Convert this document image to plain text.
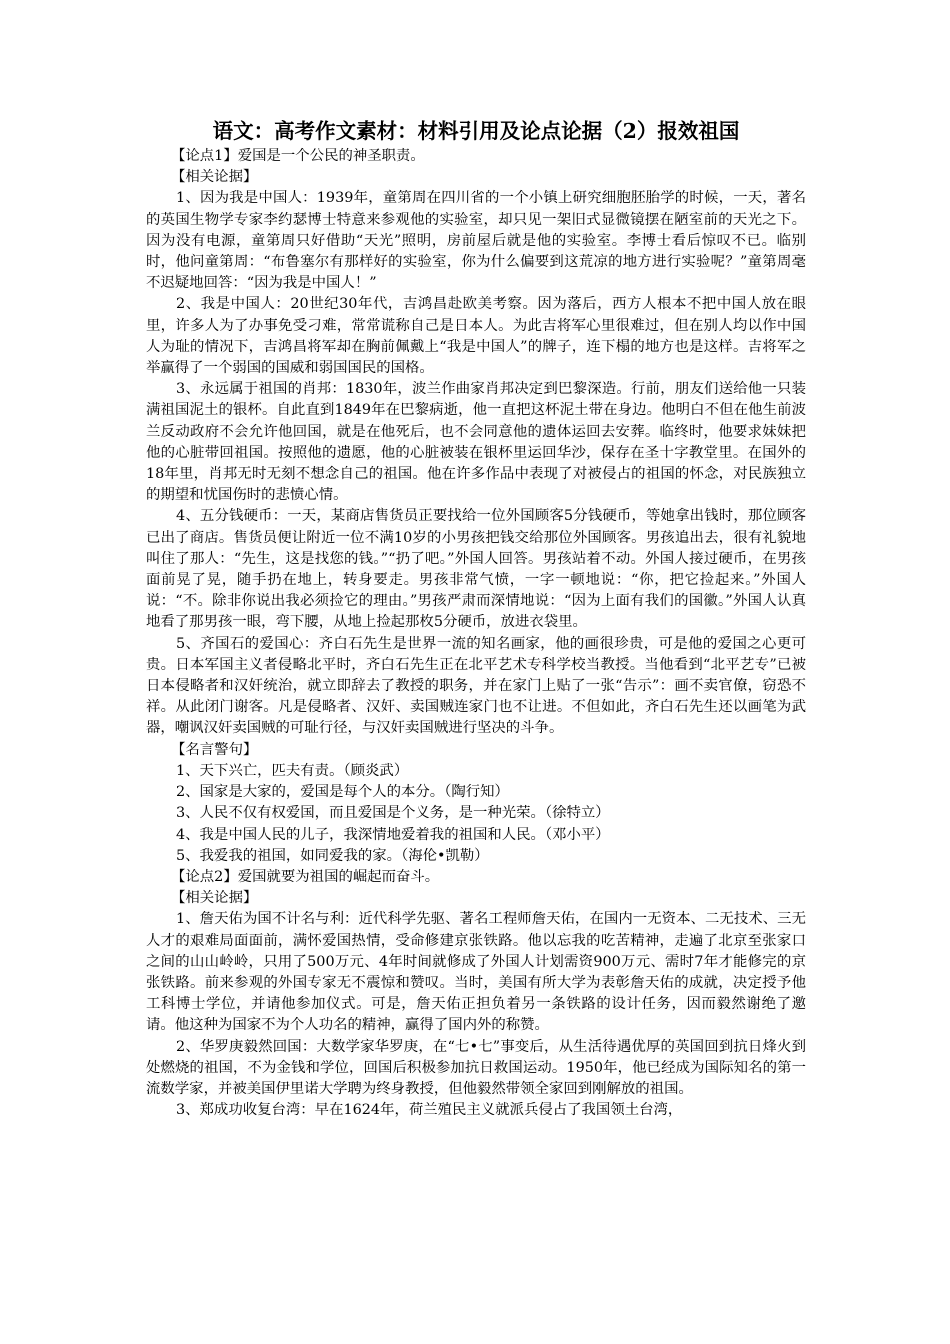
语文：高考作文素材：材料引用及论点论据（2）报效祖国

【论点1】爱国是一个公民的神圣职责。

【相关论据】

1、因为我是中国人：1939年，童第周在四川省的一个小镇上研究细胞胚胎学的时候，一天，著名的英国生物学专家李约瑟博士特意来参观他的实验室，却只见一架旧式显微镜摆在陋室前的天光之下。因为没有电源，童第周只好借助“天光”照明，房前屋后就是他的实验室。李博士看后惊叹不已。临别时，他问童第周：“布鲁塞尔有那样好的实验室，你为什么偏要到这荒凉的地方进行实验呢？”童第周毫不迟疑地回答：“因为我是中国人！”

2、我是中国人：20世纪30年代，吉鸿昌赴欧美考察。因为落后，西方人根本不把中国人放在眼里，许多人为了办事免受刁难，常常谎称自己是日本人。为此吉将军心里很难过，但在别人均以作中国人为耻的情况下，吉鸿昌将军却在胸前佩戴上“我是中国人”的牌子，连下榻的地方也是这样。吉将军之举赢得了一个弱国的国威和弱国国民的国格。

3、永远属于祖国的肖邦：1830年，波兰作曲家肖邦决定到巴黎深造。行前，朋友们送给他一只装满祖国泥土的银杯。自此直到1849年在巴黎病逝，他一直把这杯泥土带在身边。他明白不但在他生前波兰反动政府不会允许他回国，就是在他死后，也不会同意他的遗体运回去安葬。临终时，他要求妹妹把他的心脏带回祖国。按照他的遗愿，他的心脏被装在银杯里运回华沙，保存在圣十字教堂里。在国外的18年里，肖邦无时无刻不想念自己的祖国。他在许多作品中表现了对被侵占的祖国的怀念，对民族独立的期望和忧国伤时的悲愤心情。

4、五分钱硬币：一天，某商店售货员正要找给一位外国顾客5分钱硬币，等她拿出钱时，那位顾客已出了商店。售货员便让附近一位不满10岁的小男孩把钱交给那位外国顾客。男孩追出去，很有礼貌地叫住了那人：“先生，这是找您的钱。”“扔了吧。”外国人回答。男孩站着不动。外国人接过硬币，在男孩面前晃了晃，随手扔在地上，转身要走。男孩非常气愤，一字一顿地说：“你，把它捡起来。”外国人说：“不。除非你说出我必须捡它的理由。”男孩严肃而深情地说：“因为上面有我们的国徽。”外国人认真地看了那男孩一眼，弯下腰，从地上捡起那枚5分硬币，放进衣袋里。

5、齐国石的爱国心：齐白石先生是世界一流的知名画家，他的画很珍贵，可是他的爱国之心更可贵。日本军国主义者侵略北平时，齐白石先生正在北平艺术专科学校当教授。当他看到“北平艺专”已被日本侵略者和汉奸统治，就立即辞去了教授的职务，并在家门上贴了一张“告示”：画不卖官僚，窃恐不祥。从此闭门谢客。凡是侵略者、汉奸、卖国贼连家门也不让进。不但如此，齐白石先生还以画笔为武器，嘲讽汉奸卖国贼的可耻行径，与汉奸卖国贼进行坚决的斗争。

【名言警句】

1、天下兴亡，匹夫有责。（顾炎武）

2、国家是大家的，爱国是每个人的本分。（陶行知）

3、人民不仅有权爱国，而且爱国是个义务，是一种光荣。（徐特立）

4、我是中国人民的儿子，我深情地爱着我的祖国和人民。（邓小平）

5、我爱我的祖国，如同爱我的家。（海伦•凯勒）

【论点2】爱国就要为祖国的崛起而奋斗。

【相关论据】

1、詹天佑为国不计名与利：近代科学先驱、著名工程师詹天佑，在国内一无资本、二无技术、三无人才的艰难局面面前，满怀爱国热情，受命修建京张铁路。他以忘我的吃苦精神，走遍了北京至张家口之间的山山岭岭，只用了500万元、4年时间就修成了外国人计划需资900万元、需时7年才能修完的京张铁路。前来参观的外国专家无不震惊和赞叹。当时，美国有所大学为表彰詹天佑的成就，决定授予他工科博士学位，并请他参加仪式。可是，詹天佑正担负着另一条铁路的设计任务，因而毅然谢绝了邀请。他这种为国家不为个人功名的精神，赢得了国内外的称赞。

2、华罗庚毅然回国：大数学家华罗庚，在“七•七”事变后，从生活待遇优厚的英国回到抗日烽火到处燃烧的祖国，不为金钱和学位，回国后积极参加抗日救国运动。1950年，他已经成为国际知名的第一流数学家，并被美国伊里诺大学聘为终身教授，但他毅然带领全家回到刚解放的祖国。

3、郑成功收复台湾：早在1624年，荷兰殖民主义就派兵侵占了我国领土台湾，
